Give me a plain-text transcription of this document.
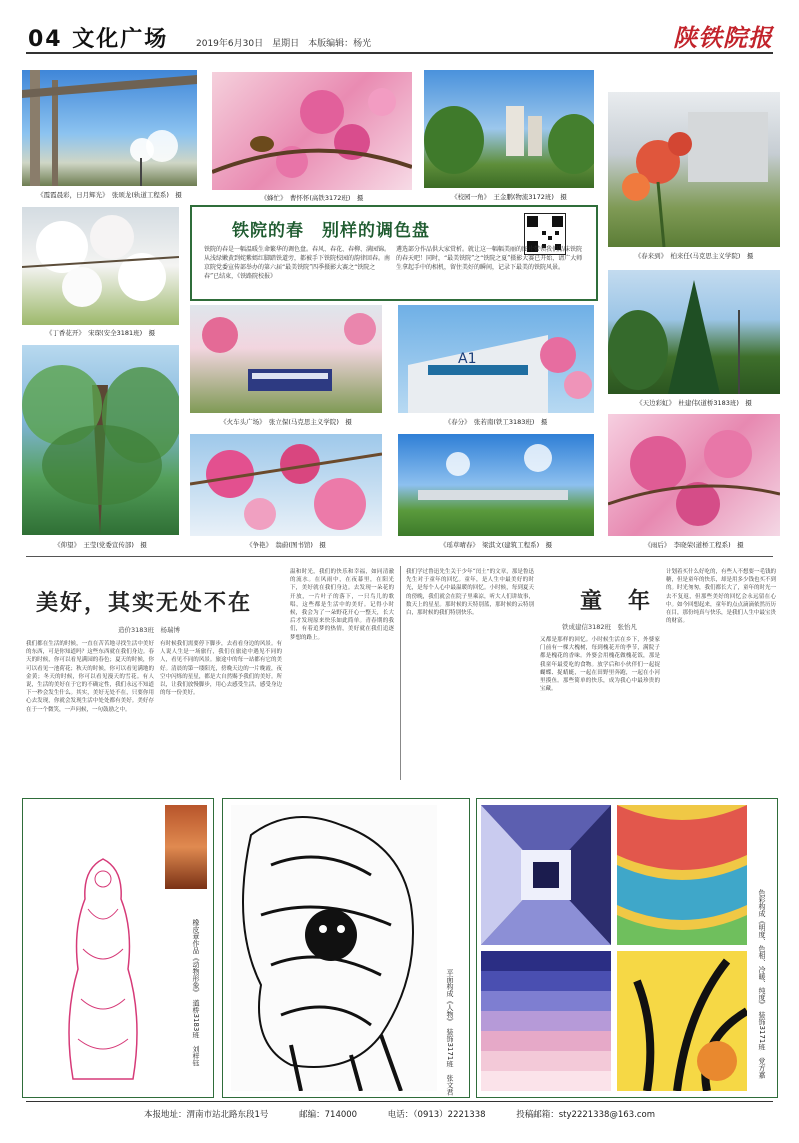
04 文化广场	2019年6月30日　星期日　本版编辑：杨光	陕铁院报
《霞霞晨彩，日月辉光》　张颂龙(轨道工程系)　摄	《蜂忙》　曹怀怀(高铁3172班)　摄	《校园一角》　王金鹏(物流3172班)　摄
《春来到》　柏来任(马克思主义学院)　摄
《丁香花开》　宋琛(安全3181班)　摄
铁院的春　别样的调色盘
铁院的春是一幅温暖生命繁华的调色盘。春风、春花、春柳、满园锦。从浅绿嫩黄到姹紫嫣红脚踏铁道旁，都被手下铁院校园的韵律回春。南京院党委宣传部举办的第六届“最美铁院”四季摄影大赛之“铁院之春”已结束，《铁路院校报》
遴选部分作品供大家赏析。就让这一幅幅美丽的图片带领我们品味铁院的春天吧！同时，“最美铁院”之“铁院之夏”摄影大赛已开始，请广大师生拿起手中的相机，留住美好的瞬间，记录下最美的铁院风景。
《仰望》　王莹(党委宣传部)　摄
《火车头广场》　张立保(马克思主义学院)　摄
A1
《春分》　张若南(铁工3183班)　摄
《天边彩虹》　杜建伟(道桥3183班)　摄
《争艳》　翁蔚(图书馆)　摄	《瑶草晴春》　梁淇文(建筑工程系)　摄	《雨后》　李晓荣(道桥工程系)　摄
美好，其实无处不在
造价3183班　杨瑞博
我们都在生活的时候，一直在苦苦地寻找生活中美好的东西，可是你知道吗？这些东西就在我们身边。春天的时候，你可以看见满园的春色；夏天的时候，你可以看见一池荷花；秋天的时候，你可以看见满地的金黄；冬天的时候，你可以看见漫天的雪花。有人说，生活的美好在于它的不确定性，我们永远不知道下一秒会发生什么。其实，美好无处不在，只要你用心去发现，你就会发现生活中处处都有美好。美好存在于一个微笑，一声问候，一句鼓励之中。
有时候我们需要停下脚步，去看看身边的风景。有人说人生是一场旅行，我们在旅途中遇见不同的人，看见不同的风景。旅途中的每一站都有它的美好。清晨的第一缕阳光，傍晚天边的一片晚霞，夜空中闪烁的星星，都是大自然赐予我们的美好。所以，让我们放慢脚步，用心去感受生活，感受身边的每一份美好。
温和时光，我们的快乐和幸福，如同清澈的流水。在风雨中，在夜幕里，在阳光下，美好就在我们身边。去发现一朵花的开放，一片叶子的落下，一只鸟儿的歌唱，这些都是生活中的美好。记得小时候，我会为了一朵野花开心一整天，长大后才发现原来快乐如此简单。青春期的我们，有着追梦的热情，美好就在我们追逐梦想的路上。
我们学过鲁迅先生关于少年“闰土”的文章，那是鲁迅先生对于童年的回忆。童年，是人生中最美好的时光，是每个人心中最温暖的回忆。小时候，每到夏天的傍晚，我们就会在院子里乘凉，听大人们讲故事，数天上的星星。那时候的天特别蓝，那时候的云特别白，那时候的我们特别快乐。	童　年
铁成建信3182班　张怡凡
又都是那样的回忆。小时候生活在乡下，外婆家门前有一棵大槐树，每到槐花开的季节，满院子都是槐花的香味。外婆会用槐花做槐花饭，那是我童年最爱吃的食物。放学后和小伙伴们一起捉蝴蝶、捉蜻蜓，一起在田野里奔跑，一起在小河里摸鱼。那些简单的快乐，成为我心中最珍贵的宝藏。
计划着买什么好吃的，有些人不想要一毛钱的糖，但是童年的快乐，却是用多少钱也买不到的。时光匆匆，我们都长大了，童年的时光一去不复返，但那些美好的回忆会永远留在心中。如今回想起来，童年的点点滴滴依然历历在目，那份纯真与快乐，是我们人生中最宝贵的财富。
橡皮章作品《动物形象》　道桥3183班　刘梓钰	平面构成《人物》　装饰3171班　张文君	色彩构成《明度、色相、冷暖、纯度》　装饰3171班　党方嘉
本报地址：渭南市站北路东段1号	邮编：714000	电话：（0913）2221338	投稿邮箱：sty2221338@163.com
